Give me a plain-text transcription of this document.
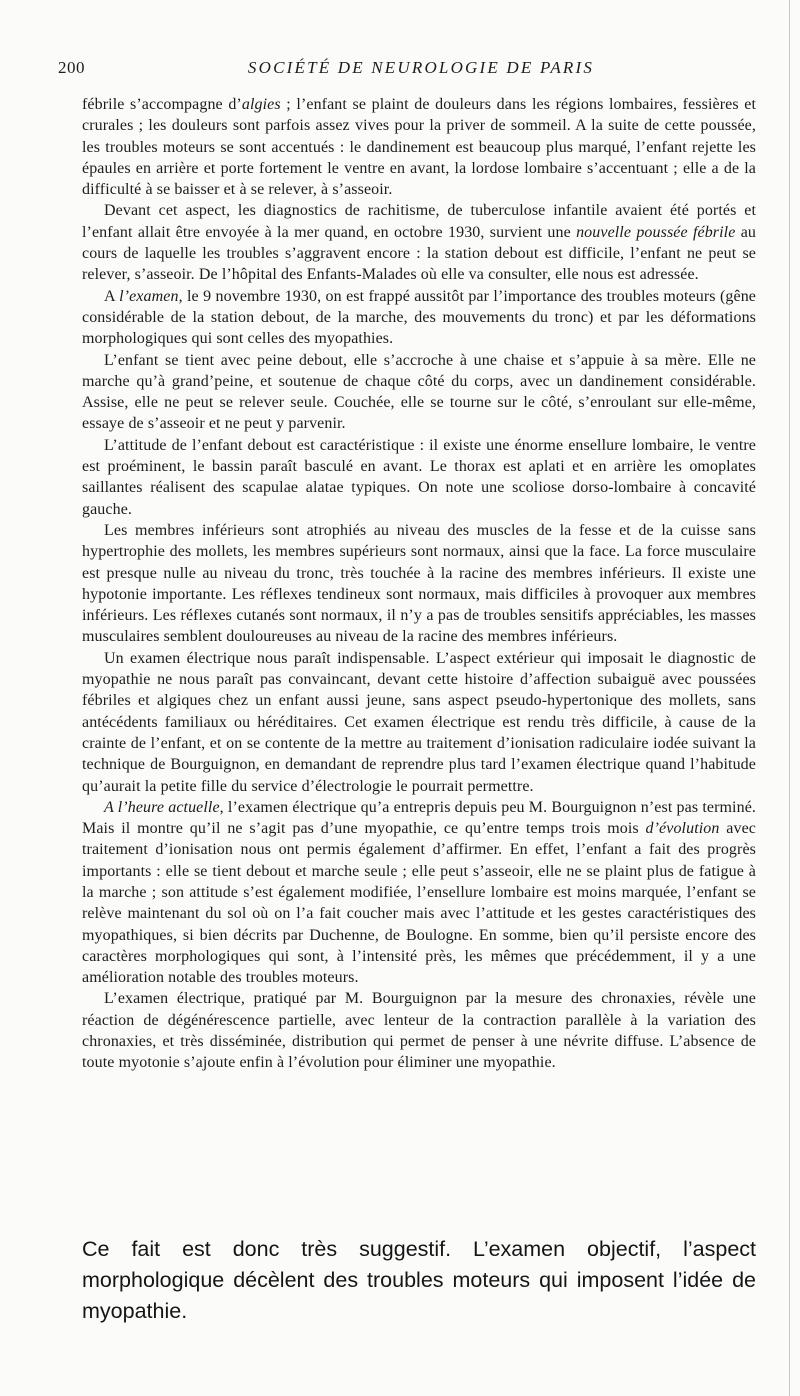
200	SOCIÉTÉ DE NEUROLOGIE DE PARIS

fébrile s’accompagne d’algies ; l’enfant se plaint de douleurs dans les régions lombaires, fessières et crurales ; les douleurs sont parfois assez vives pour la priver de sommeil. A la suite de cette poussée, les troubles moteurs se sont accentués : le dandinement est beaucoup plus marqué, l’enfant rejette les épaules en arrière et porte fortement le ventre en avant, la lordose lombaire s’accentuant ; elle a de la difficulté à se baisser et à se relever, à s’asseoir.

Devant cet aspect, les diagnostics de rachitisme, de tuberculose infantile avaient été portés et l’enfant allait être envoyée à la mer quand, en octobre 1930, survient une nouvelle poussée fébrile au cours de laquelle les troubles s’aggravent encore : la station debout est difficile, l’enfant ne peut se relever, s’asseoir. De l’hôpital des Enfants-Malades où elle va consulter, elle nous est adressée.

A l’examen, le 9 novembre 1930, on est frappé aussitôt par l’importance des troubles moteurs (gêne considérable de la station debout, de la marche, des mouvements du tronc) et par les déformations morphologiques qui sont celles des myopathies.

L’enfant se tient avec peine debout, elle s’accroche à une chaise et s’appuie à sa mère. Elle ne marche qu’à grand’peine, et soutenue de chaque côté du corps, avec un dandinement considérable. Assise, elle ne peut se relever seule. Couchée, elle se tourne sur le côté, s’enroulant sur elle-même, essaye de s’asseoir et ne peut y parvenir.

L’attitude de l’enfant debout est caractéristique : il existe une énorme ensellure lombaire, le ventre est proéminent, le bassin paraît basculé en avant. Le thorax est aplati et en arrière les omoplates saillantes réalisent des scapulae alatae typiques. On note une scoliose dorso-lombaire à concavité gauche.

Les membres inférieurs sont atrophiés au niveau des muscles de la fesse et de la cuisse sans hypertrophie des mollets, les membres supérieurs sont normaux, ainsi que la face. La force musculaire est presque nulle au niveau du tronc, très touchée à la racine des membres inférieurs. Il existe une hypotonie importante. Les réflexes tendineux sont normaux, mais difficiles à provoquer aux membres inférieurs. Les réflexes cutanés sont normaux, il n’y a pas de troubles sensitifs appréciables, les masses musculaires semblent douloureuses au niveau de la racine des membres inférieurs.

Un examen électrique nous paraît indispensable. L’aspect extérieur qui imposait le diagnostic de myopathie ne nous paraît pas convaincant, devant cette histoire d’affection subaiguë avec poussées fébriles et algiques chez un enfant aussi jeune, sans aspect pseudo-hypertonique des mollets, sans antécédents familiaux ou héréditaires. Cet examen électrique est rendu très difficile, à cause de la crainte de l’enfant, et on se contente de la mettre au traitement d’ionisation radiculaire iodée suivant la technique de Bourguignon, en demandant de reprendre plus tard l’examen électrique quand l’habitude qu’aurait la petite fille du service d’électrologie le pourrait permettre.

A l’heure actuelle, l’examen électrique qu’a entrepris depuis peu M. Bourguignon n’est pas terminé. Mais il montre qu’il ne s’agit pas d’une myopathie, ce qu’entre temps trois mois d’évolution avec traitement d’ionisation nous ont permis également d’affirmer. En effet, l’enfant a fait des progrès importants : elle se tient debout et marche seule ; elle peut s’asseoir, elle ne se plaint plus de fatigue à la marche ; son attitude s’est également modifiée, l’ensellure lombaire est moins marquée, l’enfant se relève maintenant du sol où on l’a fait coucher mais avec l’attitude et les gestes caractéristiques des myopathiques, si bien décrits par Duchenne, de Boulogne. En somme, bien qu’il persiste encore des caractères morphologiques qui sont, à l’intensité près, les mêmes que précédemment, il y a une amélioration notable des troubles moteurs.

L’examen électrique, pratiqué par M. Bourguignon par la mesure des chronaxies, révèle une réaction de dégénérescence partielle, avec lenteur de la contraction parallèle à la variation des chronaxies, et très disséminée, distribution qui permet de penser à une névrite diffuse. L’absence de toute myotonie s’ajoute enfin à l’évolution pour éliminer une myopathie.

Ce fait est donc très suggestif. L’examen objectif, l’aspect morphologique décèlent des troubles moteurs qui imposent l’idée de myopathie.
